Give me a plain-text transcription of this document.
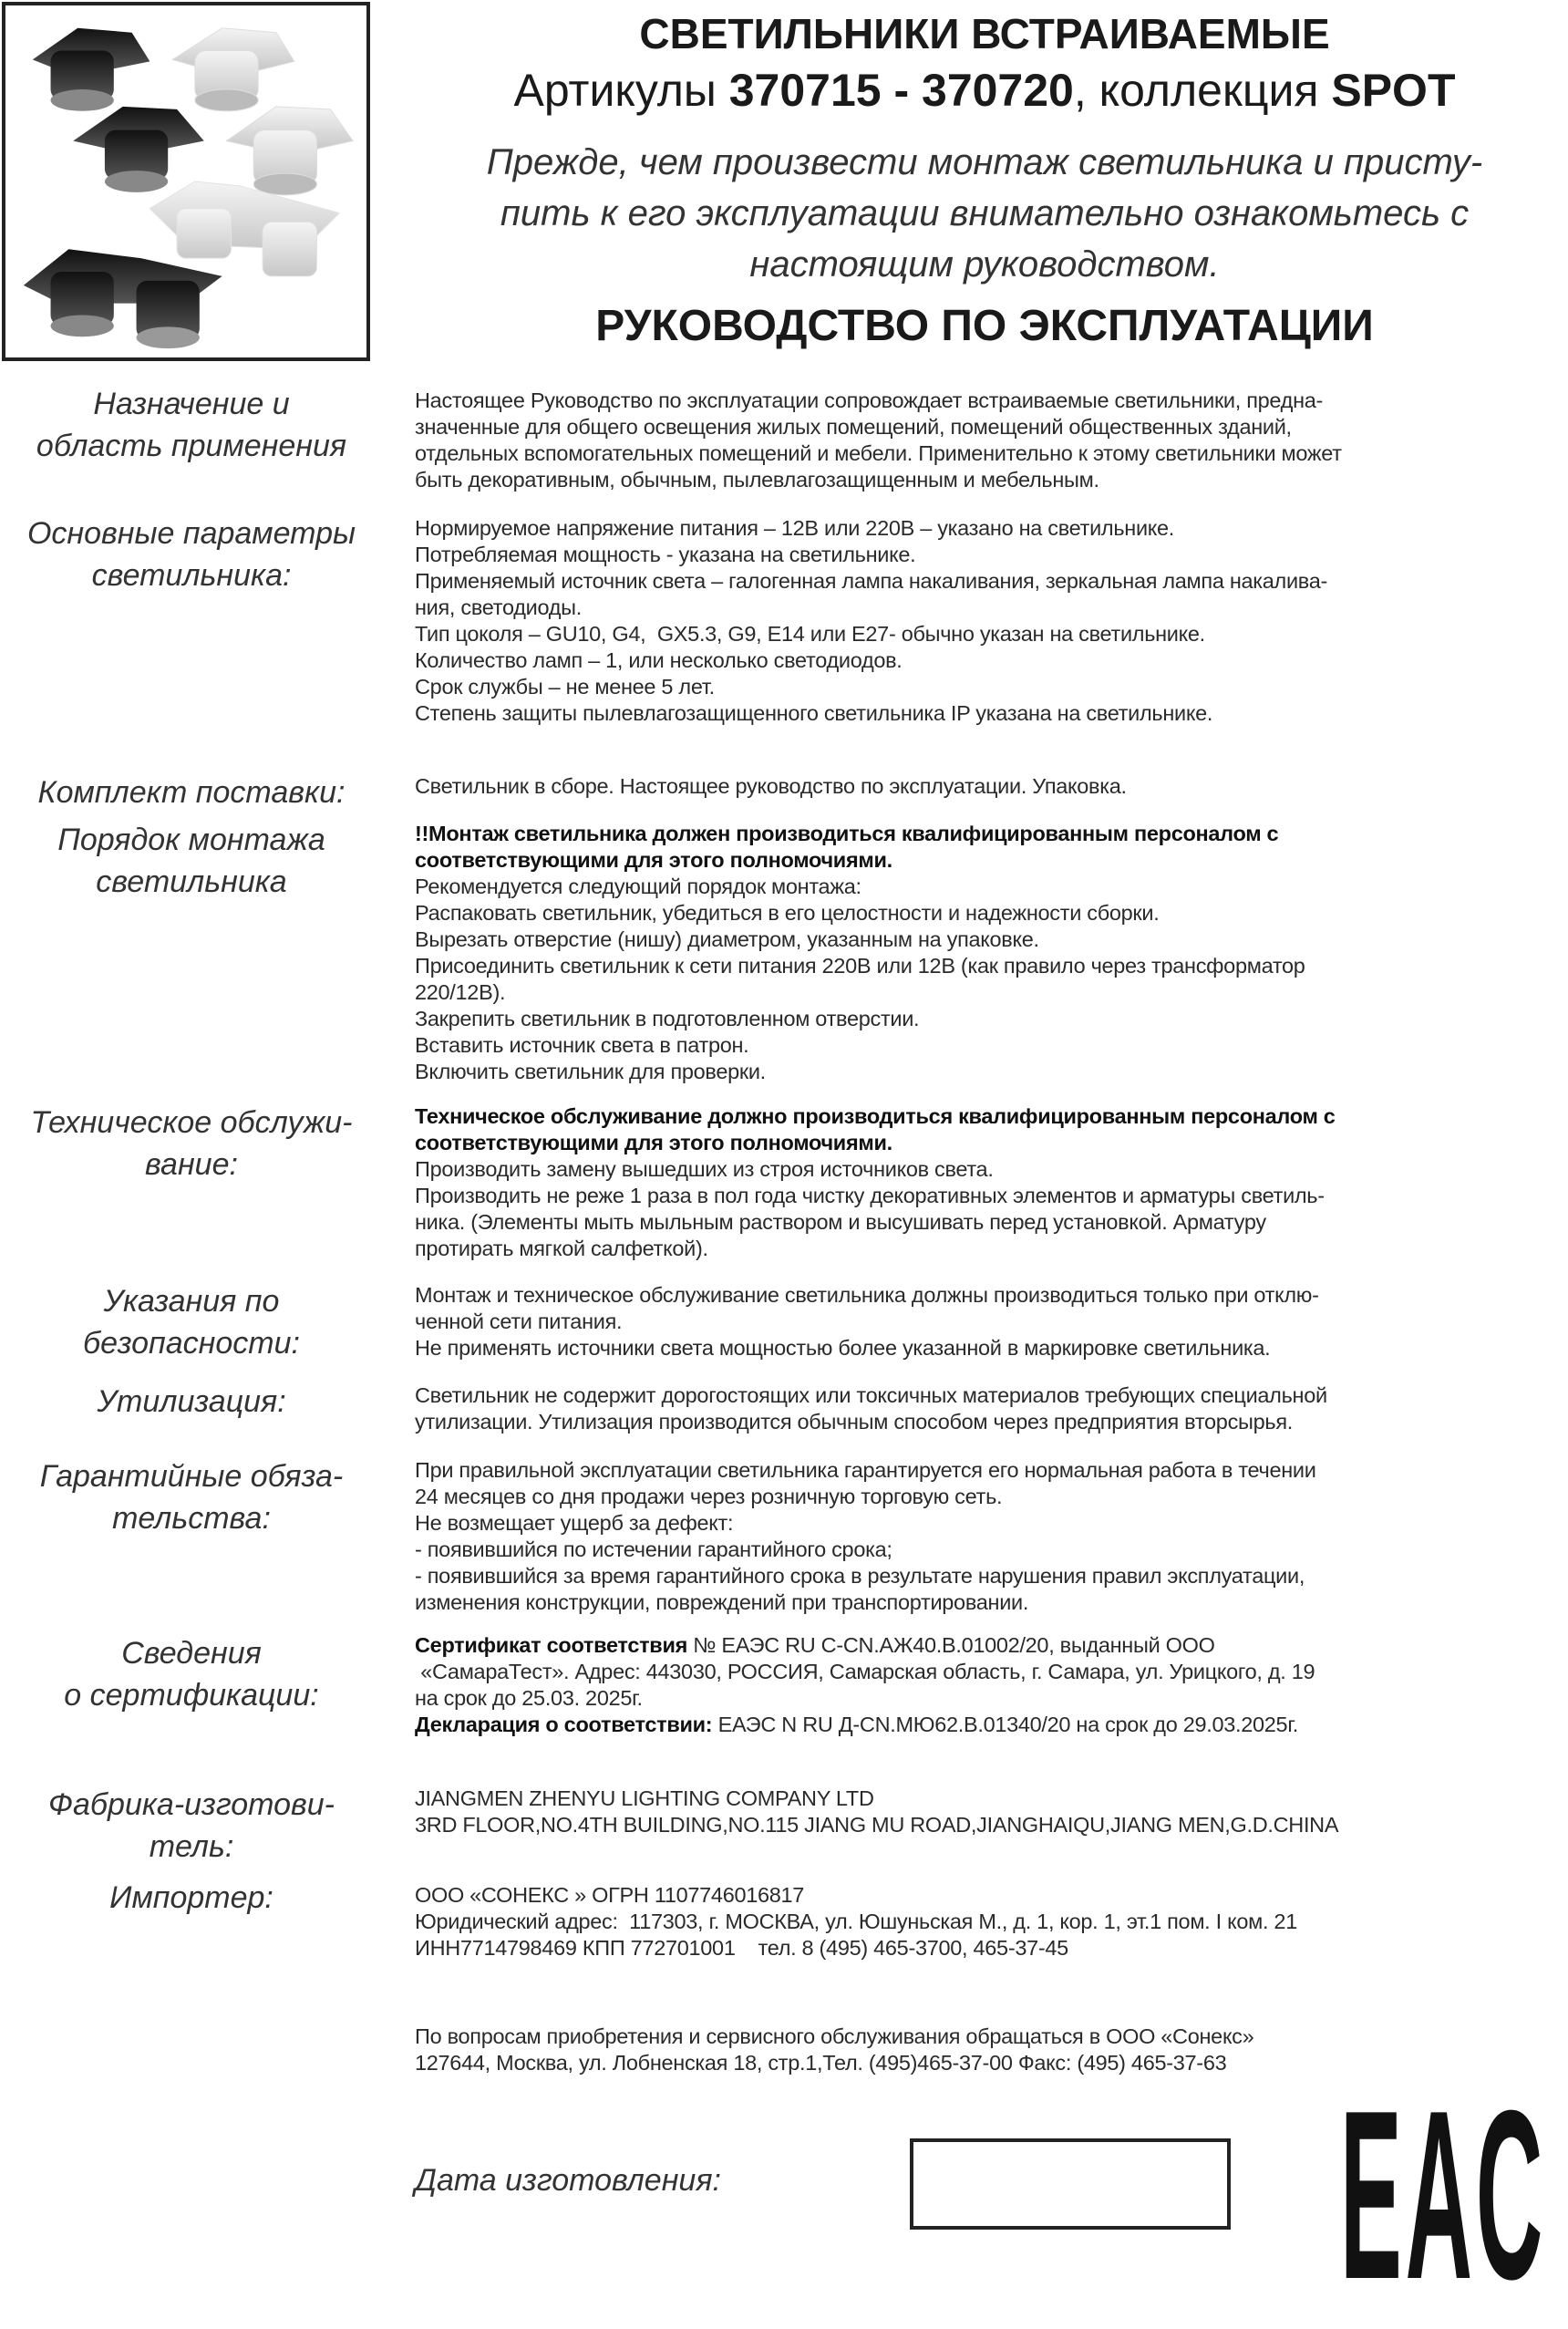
СВЕТИЛЬНИКИ ВСТРАИВАЕМЫЕ
Артикулы 370715 - 370720, коллекция SPOT
Прежде, чем произвести монтаж светильника и присту-
пить к его эксплуатации внимательно ознакомьтесь с
настоящим руководством.
РУКОВОДСТВО ПО ЭКСПЛУАТАЦИИ
Назначение и
область применения
Настоящее Руководство по эксплуатации сопровождает встраиваемые светильники, предна-
значенные для общего освещения жилых помещений, помещений общественных зданий,
отдельных вспомогательных помещений и мебели. Применительно к этому светильники может
быть декоративным, обычным, пылевлагозащищенным и мебельным.
Основные параметры
светильника:
Нормируемое напряжение питания – 12В или 220В – указано на светильнике.
Потребляемая мощность - указана на светильнике.
Применяемый источник света – галогенная лампа накаливания, зеркальная лампа накалива-
ния, светодиоды.
Тип цоколя – GU10, G4,  GX5.3, G9, E14 или E27- обычно указан на светильнике.
Количество ламп – 1, или несколько светодиодов.
Срок службы – не менее 5 лет.
Степень защиты пылевлагозащищенного светильника IP указана на светильнике.
Комплект поставки:	Светильник в сборе. Настоящее руководство по эксплуатации. Упаковка.
Порядок монтажа
светильника
!!Монтаж светильника должен производиться квалифицированным персоналом с
соответствующими для этого полномочиями.
Рекомендуется следующий порядок монтажа:
Распаковать светильник, убедиться в его целостности и надежности сборки.
Вырезать отверстие (нишу) диаметром, указанным на упаковке.
Присоединить светильник к сети питания 220В или 12В (как правило через трансформатор
220/12В).
Закрепить светильник в подготовленном отверстии.
Вставить источник света в патрон.
Включить светильник для проверки.
Техническое обслужи-
вание:
Техническое обслуживание должно производиться квалифицированным персоналом с
соответствующими для этого полномочиями.
Производить замену вышедших из строя источников света.
Производить не реже 1 раза в пол года чистку декоративных элементов и арматуры светиль-
ника. (Элементы мыть мыльным раствором и высушивать перед установкой. Арматуру
протирать мягкой салфеткой).
Указания по
безопасности:
Монтаж и техническое обслуживание светильника должны производиться только при отклю-
ченной сети питания.
Не применять источники света мощностью более указанной в маркировке светильника.
Утилизация:	Светильник не содержит дорогостоящих или токсичных материалов требующих специальной
утилизации. Утилизация производится обычным способом через предприятия вторсырья.
Гарантийные обяза-
тельства:
При правильной эксплуатации светильника гарантируется его нормальная работа в течении
24 месяцев со дня продажи через розничную торговую сеть.
Не возмещает ущерб за дефект:
- появившийся по истечении гарантийного срока;
- появившийся за время гарантийного срока в результате нарушения правил эксплуатации,
изменения конструкции, повреждений при транспортировании.
Сведения
о сертификации:
Сертификат соответствия № ЕАЭС RU C-CN.АЖ40.В.01002/20, выданный ООО
«СамараТест». Адрес: 443030, РОССИЯ, Самарская область, г. Самара, ул. Урицкого, д. 19
на срок до 25.03. 2025г.
Декларация о соответствии: ЕАЭС N RU Д-CN.МЮ62.В.01340/20 на срок до 29.03.2025г.
Фабрика-изготови-
тель:
JIANGMEN ZHENYU LIGHTING COMPANY LTD
3RD FLOOR,NO.4TH BUILDING,NO.115 JIANG MU ROAD,JIANGHAIQU,JIANG MEN,G.D.CHINA
Импортер:	ООО «СОНЕКС » ОГРН 1107746016817
Юридический адрес:  117303, г. МОСКВА, ул. Юшуньская М., д. 1, кор. 1, эт.1 пом. I ком. 21
ИНН7714798469 КПП 772701001    тел. 8 (495) 465-3700, 465-37-45
По вопросам приобретения и сервисного обслуживания обращаться в ООО «Сонекс»
127644, Москва, ул. Лобненская 18, стр.1,Тел. (495)465-37-00 Факс: (495) 465-37-63
Дата изготовления:	EAC
